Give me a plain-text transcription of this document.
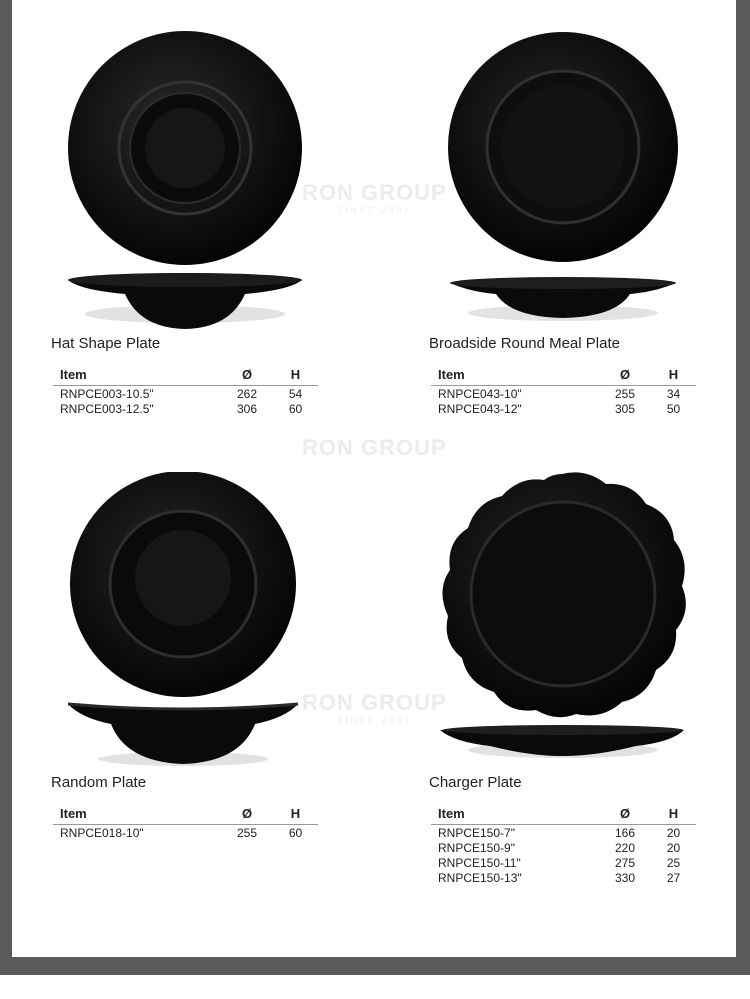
RON GROUP
SINCE 2001
RON GROUP
RON GROUP
SINCE 2001
Hat Shape Plate
Item	Ø	H
RNPCE003-10.5"	262	54
RNPCE003-12.5"	306	60
Broadside Round Meal Plate
Item	Ø	H
RNPCE043-10"	255	34
RNPCE043-12"	305	50
Random Plate
Item	Ø	H
RNPCE018-10"	255	60
Charger Plate
Item	Ø	H
RNPCE150-7"	166	20
RNPCE150-9"	220	20
RNPCE150-11"	275	25
RNPCE150-13"	330	27
